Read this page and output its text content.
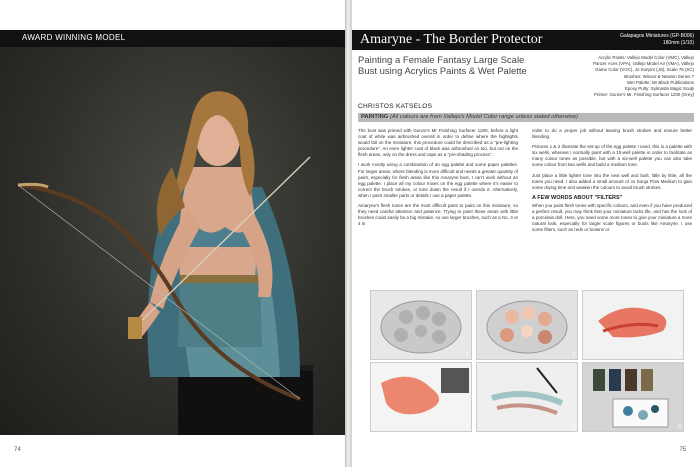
AWARD WINNING MODEL
74
Amaryne - The Border Protector	Galapagos Miniatures (GP-B006)
180mm (1/10)
Painting a Female Fantasy Large Scale Bust using Acrylics Paints & Wet Palette
Acrylic Paints: Vallejo Model Color (VMC), Vallejo
Panzer Aces (VPA), Vallejo Model Air (VMA), Vallejo
Game Color (VGC), Jo Sonja's (JS), Scale 75 (SC)
Brushes: Winsor & Newton Series 7
Wet Palette: Mr Black Publications
Epoxy Putty: Sylmasta Magic Sculp
Primer: Gunze's Mr. Finishing Surfacer 1200 (Grey)
CHRISTOS KATSELOS
PAINTING (All colours are from Vallejo's Model Color range unless stated otherwise)

The bust was primed with Gunze's Mr Finishing Surfacer 1200, before a light coat of white was airbrushed overall in order to define where the highlights would fall on the miniature, this procedure could be described as a "pre-lighting procedure". An even lighter coat of black was airbrushed on too, but not on the flesh areas, only on the dress and cape as a "pre-shading process".

I work mostly using a combination of an egg palette and some paper palettes. For larger areas, where blending is more difficult and needs a greater quantity of paint, especially for flesh areas like this Amaryne bust, I can't work without an egg palette. I place all my colour mixes on the egg palette where it's easier to correct the brush strokes, or tone down the result if I overdo it. Alternatively, when I paint smaller parts or details I use a paper palette.

Amaryne's flesh tones are the most difficult parts to paint on this miniature, so they need careful attention and patience. Trying to paint these areas with little brushes could easily be a big mistake, so use larger brushes, such as a No. 3 or 4 in

order to do a proper job without leaving brush strokes and ensure better blending.

Pictures 1 & 2 illustrate the set-up of the egg palette I used, this is a palette with six wells, whereas I normally paint with a 10-well palette in order to facilitate as many colour tones as possible, but with a six-well palette you can also take some colour from two wells and build a medium tone.

Just place a little lighter tone into the next well and built, little by little, all the tones you need. I also added a small amount of Jo Sonja Flow Medium to gain some drying time and weaken the colours to avoid brush strokes.

A FEW WORDS ABOUT "FILTERS"

When you paint flesh tones with specific colours, and even if you have produced a perfect result, you may think that your miniature lacks life, and has the look of a porcelain doll. Here, you need some more tones to give your miniature a more natural look, especially for larger scale figures or busts like Amaryne. I use some filters, such as reds or browns or

1	2	3
4	5	6
75
